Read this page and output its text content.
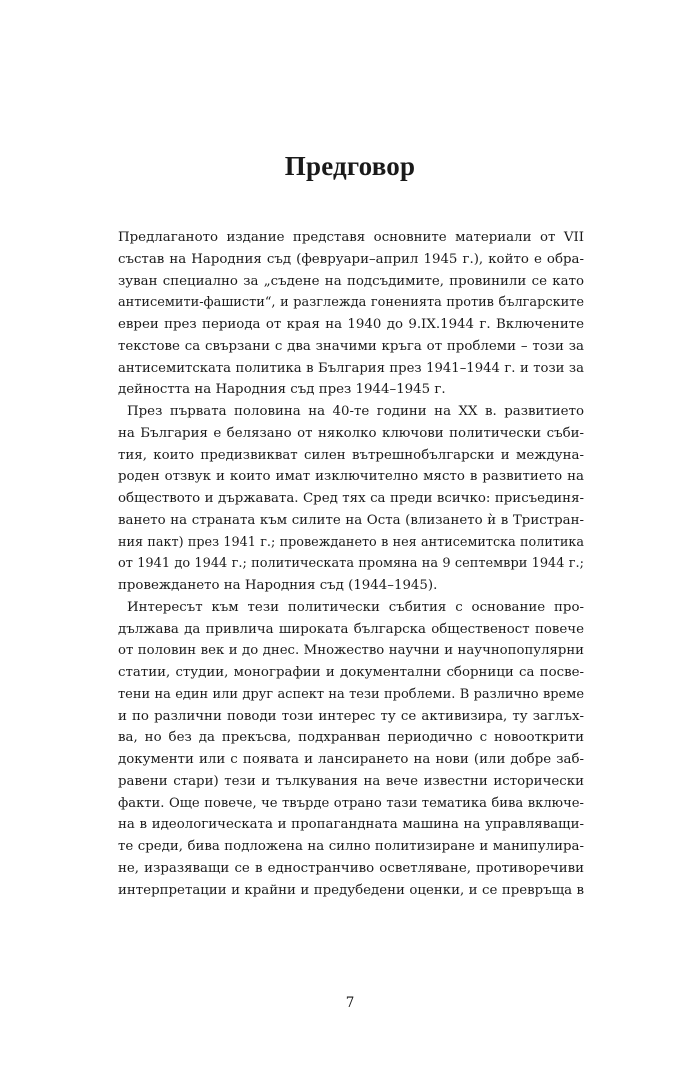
Предговор

Предлаганото издание представя основните материали от VII
състав на Народния съд (февруари–април 1945 г.), който е обра-
зуван специално за „съдене на подсъдимите, провинили се като
антисемити-фашисти“, и разглежда гоненията против българските
евреи през периода от края на 1940 до 9.IX.1944 г. Включените
текстове са свързани с два значими кръга от проблеми – този за
антисемитската политика в България през 1941–1944 г. и този за
дейността на Народния съд през 1944–1945 г.

През първата половина на 40-те години на XX в. развитието
на България е белязано от няколко ключови политически съби-
тия, които предизвикват силен вътрешнобългарски и междуна-
роден отзвук и които имат изключително място в развитието на
обществото и държавата. Сред тях са преди всичко: присъединя-
ването на страната към силите на Оста (влизането ѝ в Тристран-
ния пакт) през 1941 г.; провеждането в нея антисемитска политика
от 1941 до 1944 г.; политическата промяна на 9 септември 1944 г.;
провеждането на Народния съд (1944–1945).

Интересът към тези политически събития с основание про-
дължава да привлича широката българска общественост повече
от половин век и до днес. Множество научни и научнопопулярни
статии, студии, монографии и документални сборници са посве-
тени на един или друг аспект на тези проблеми. В различно време
и по различни поводи този интерес ту се активизира, ту заглъх-
ва, но без да прекъсва, подхранван периодично с новооткрити
документи или с появата и лансирането на нови (или добре заб-
равени стари) тези и тълкувания на вече известни исторически
факти. Още повече, че твърде отрано тази тематика бива включе-
на в идеологическата и пропагандната машина на управляващи-
те среди, бива подложена на силно политизиране и манипулира-
не, изразяващи се в едностранчиво осветляване, противоречиви
интерпретации и крайни и предубедени оценки, и се превръща в

7
